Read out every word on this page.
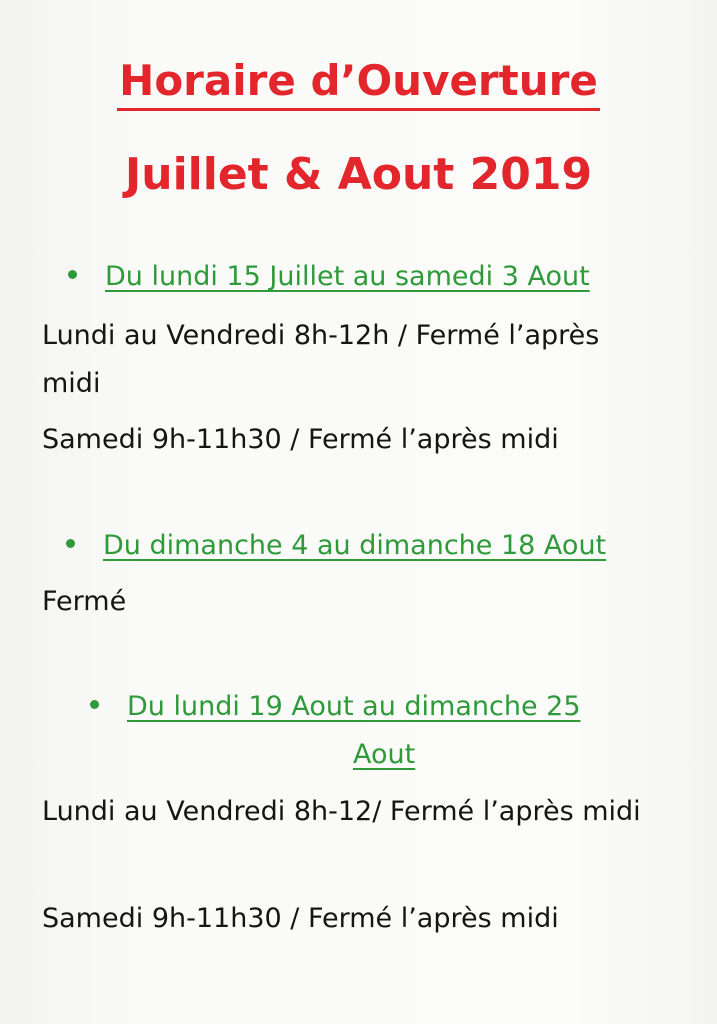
Horaire d’Ouverture
Juillet & Aout 2019
Du lundi 15 Juillet au samedi 3 Aout
Lundi au Vendredi 8h-12h / Fermé l’après midi
Samedi 9h-11h30 / Fermé l’après midi
Du dimanche 4 au dimanche 18 Aout
Fermé
Du lundi 19 Aout au dimanche 25
Aout
Lundi au Vendredi 8h-12/ Fermé l’après midi
Samedi 9h-11h30 / Fermé l’après midi
